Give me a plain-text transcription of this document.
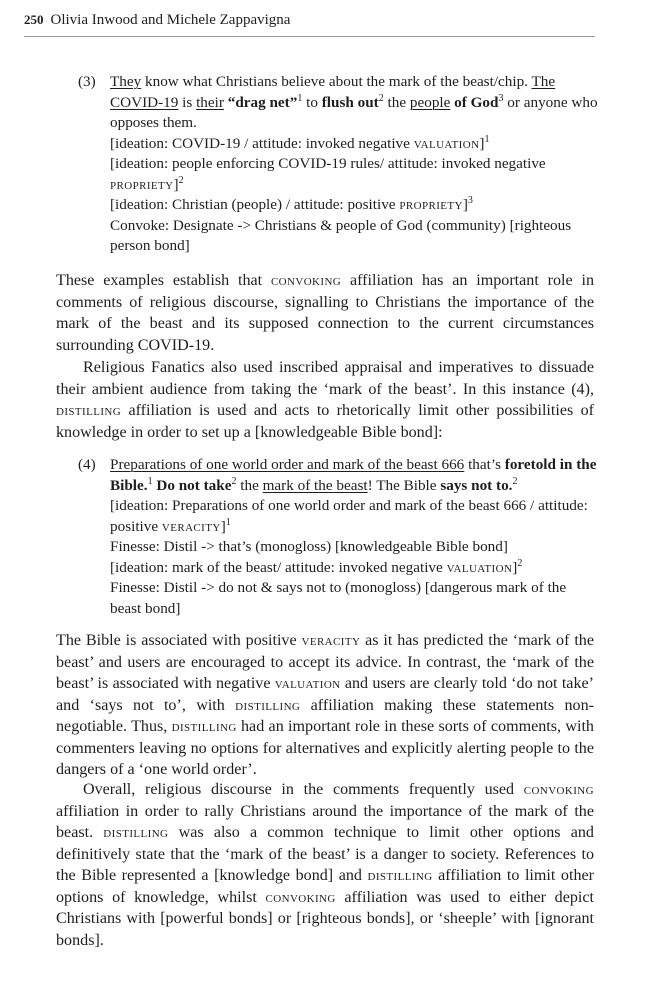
250 Olivia Inwood and Michele Zappavigna
(3) They know what Christians believe about the mark of the beast/chip. The COVID-19 is their “drag net”$^1$ to flush out$^2$ the people of God$^3$ or anyone who opposes them.
[ideation: COVID-19 / attitude: invoked negative valuation]$^1$
[ideation: people enforcing COVID-19 rules/ attitude: invoked negative propriety]$^2$
[ideation: Christian (people) / attitude: positive propriety]$^3$
Convoke: Designate -> Christians & people of God (community) [righteous person bond]

These examples establish that convoking affiliation has an important role in comments of religious discourse, signalling to Christians the importance of the mark of the beast and its supposed connection to the current circumstances surrounding COVID-19.

Religious Fanatics also used inscribed appraisal and imperatives to dissuade their ambient audience from taking the ‘mark of the beast’. In this instance (4), distilling affiliation is used and acts to rhetorically limit other possibilities of knowledge in order to set up a [knowledgeable Bible bond]:

(4) Preparations of one world order and mark of the beast 666 that’s foretold in the Bible.$^1$ Do not take$^2$ the mark of the beast! The Bible says not to.$^2$
[ideation: Preparations of one world order and mark of the beast 666 / attitude: positive veracity]$^1$
Finesse: Distil -> that’s (monogloss) [knowledgeable Bible bond]
[ideation: mark of the beast/ attitude: invoked negative valuation]$^2$
Finesse: Distil -> do not & says not to (monogloss) [dangerous mark of the beast bond]

The Bible is associated with positive veracity as it has predicted the ‘mark of the beast’ and users are encouraged to accept its advice. In contrast, the ‘mark of the beast’ is associated with negative valuation and users are clearly told ‘do not take’ and ‘says not to’, with distilling affiliation making these statements non-negotiable. Thus, distilling had an important role in these sorts of comments, with commenters leaving no options for alternatives and explicitly alerting people to the dangers of a ‘one world order’.

Overall, religious discourse in the comments frequently used convoking affiliation in order to rally Christians around the importance of the mark of the beast. distilling was also a common technique to limit other options and definitively state that the ‘mark of the beast’ is a danger to society. References to the Bible represented a [knowledge bond] and distilling affiliation to limit other options of knowledge, whilst convoking affiliation was used to either depict Christians with [powerful bonds] or [righteous bonds], or ‘sheeple’ with [ignorant bonds].
